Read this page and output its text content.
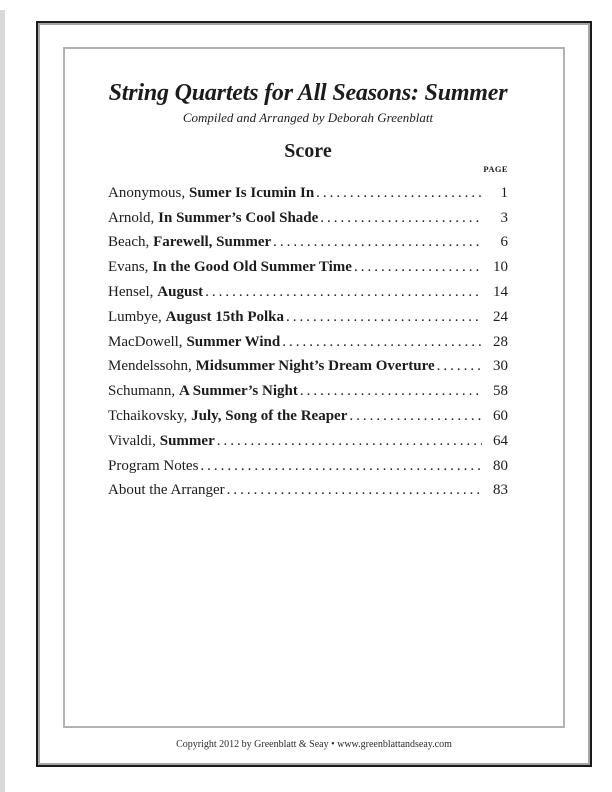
String Quartets for All Seasons: Summer
Compiled and Arranged by Deborah Greenblatt
Score
PAGE
Anonymous, Sumer Is Icumin In .....	1
Arnold, In Summer’s Cool Shade .....	3
Beach, Farewell, Summer .....	6
Evans, In the Good Old Summer Time .....	10
Hensel, August .....	14
Lumbye, August 15th Polka .....	24
MacDowell, Summer Wind .....	28
Mendelssohn, Midsummer Night’s Dream Overture .....	30
Schumann, A Summer’s Night .....	58
Tchaikovsky, July, Song of the Reaper .....	60
Vivaldi, Summer .....	64
Program Notes .....	80
About the Arranger .....	83
Copyright 2012 by Greenblatt & Seay • www.greenblattandseay.com
